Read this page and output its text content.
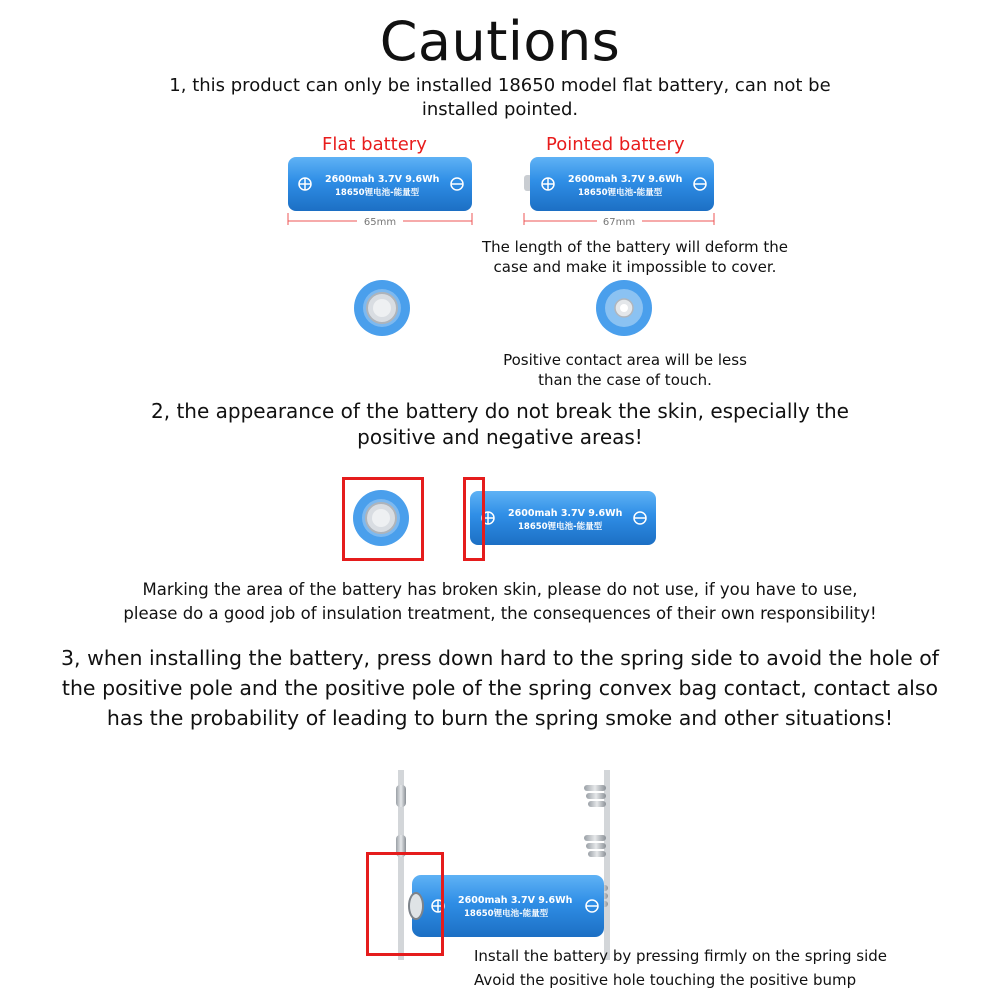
Cautions
1, this product can only be installed 18650 model flat battery, can not be
installed pointed.
Flat battery	Pointed battery
2600mah 3.7V 9.6Wh
18650锂电池-能量型
65mm
2600mah 3.7V 9.6Wh
18650锂电池-能量型
67mm
The length of the battery will deform the
case and make it impossible to cover.
Positive contact area will be less
than the case of touch.
2, the appearance of the battery do not break the skin, especially the
positive and negative areas!
2600mah 3.7V 9.6Wh
18650锂电池-能量型
Marking the area of the battery has broken skin, please do not use, if you have to use,
please do a good job of insulation treatment, the consequences of their own responsibility!
3, when installing the battery, press down hard to the spring side to avoid the hole of
the positive pole and the positive pole of the spring convex bag contact, contact also
has the probability of leading to burn the spring smoke and other situations!
2600mah 3.7V 9.6Wh
18650锂电池-能量型
Install the battery by pressing firmly on the spring side
Avoid the positive hole touching the positive bump
